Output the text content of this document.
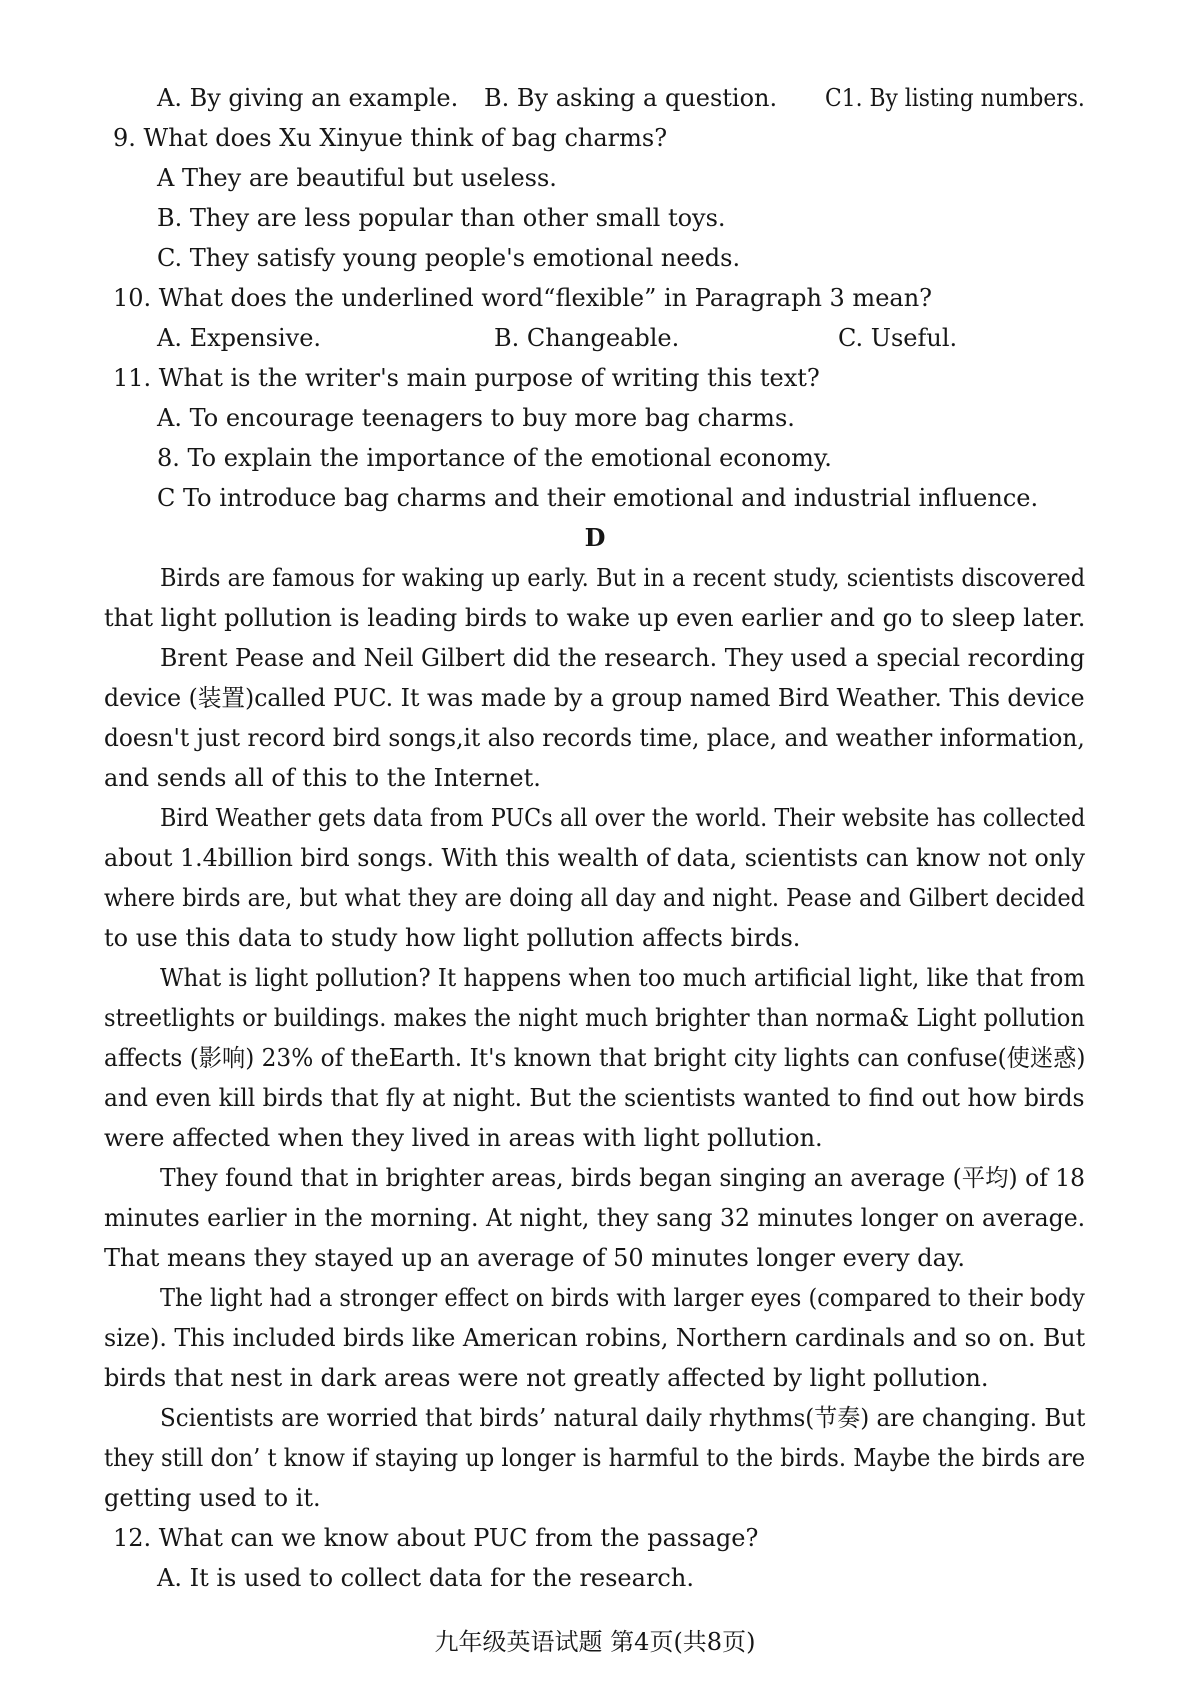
A. By giving an example. B. By asking a question. C1. By listing numbers.
9. What does Xu Xinyue think of bag charms?
A They are beautiful but useless.
B. They are less popular than other small toys.
C. They satisfy young people's emotional needs.
10. What does the underlined word“flexible” in Paragraph 3 mean?
A. Expensive.	B. Changeable.	C. Useful.
11. What is the writer's main purpose of writing this text?
A. To encourage teenagers to buy more bag charms.
8. To explain the importance of the emotional economy.
C To introduce bag charms and their emotional and industrial influence.
D
Birds are famous for waking up early. But in a recent study, scientists discovered
that light pollution is leading birds to wake up even earlier and go to sleep later.
Brent Pease and Neil Gilbert did the research. They used a special recording
device (装置)called PUC. It was made by a group named Bird Weather. This device
doesn't just record bird songs,it also records time, place, and weather information,
and sends all of this to the Internet.
Bird Weather gets data from PUCs all over the world. Their website has collected
about 1.4billion bird songs. With this wealth of data, scientists can know not only
where birds are, but what they are doing all day and night. Pease and Gilbert decided
to use this data to study how light pollution affects birds.
What is light pollution? It happens when too much artificial light, like that from
streetlights or buildings. makes the night much brighter than norma& Light pollution
affects (影响) 23% of theEarth. It's known that bright city lights can confuse(使迷惑)
and even kill birds that fly at night. But the scientists wanted to find out how birds
were affected when they lived in areas with light pollution.
They found that in brighter areas, birds began singing an average (平均) of 18
minutes earlier in the morning. At night, they sang 32 minutes longer on average.
That means they stayed up an average of 50 minutes longer every day.
The light had a stronger effect on birds with larger eyes (compared to their body
size). This included birds like American robins, Northern cardinals and so on. But
birds that nest in dark areas were not greatly affected by light pollution.
Scientists are worried that birds’ natural daily rhythms(节奏) are changing. But
they still don’ t know if staying up longer is harmful to the birds. Maybe the birds are
getting used to it.
12. What can we know about PUC from the passage?
A. It is used to collect data for the research.
九年级英语试题 第4页(共8页)
